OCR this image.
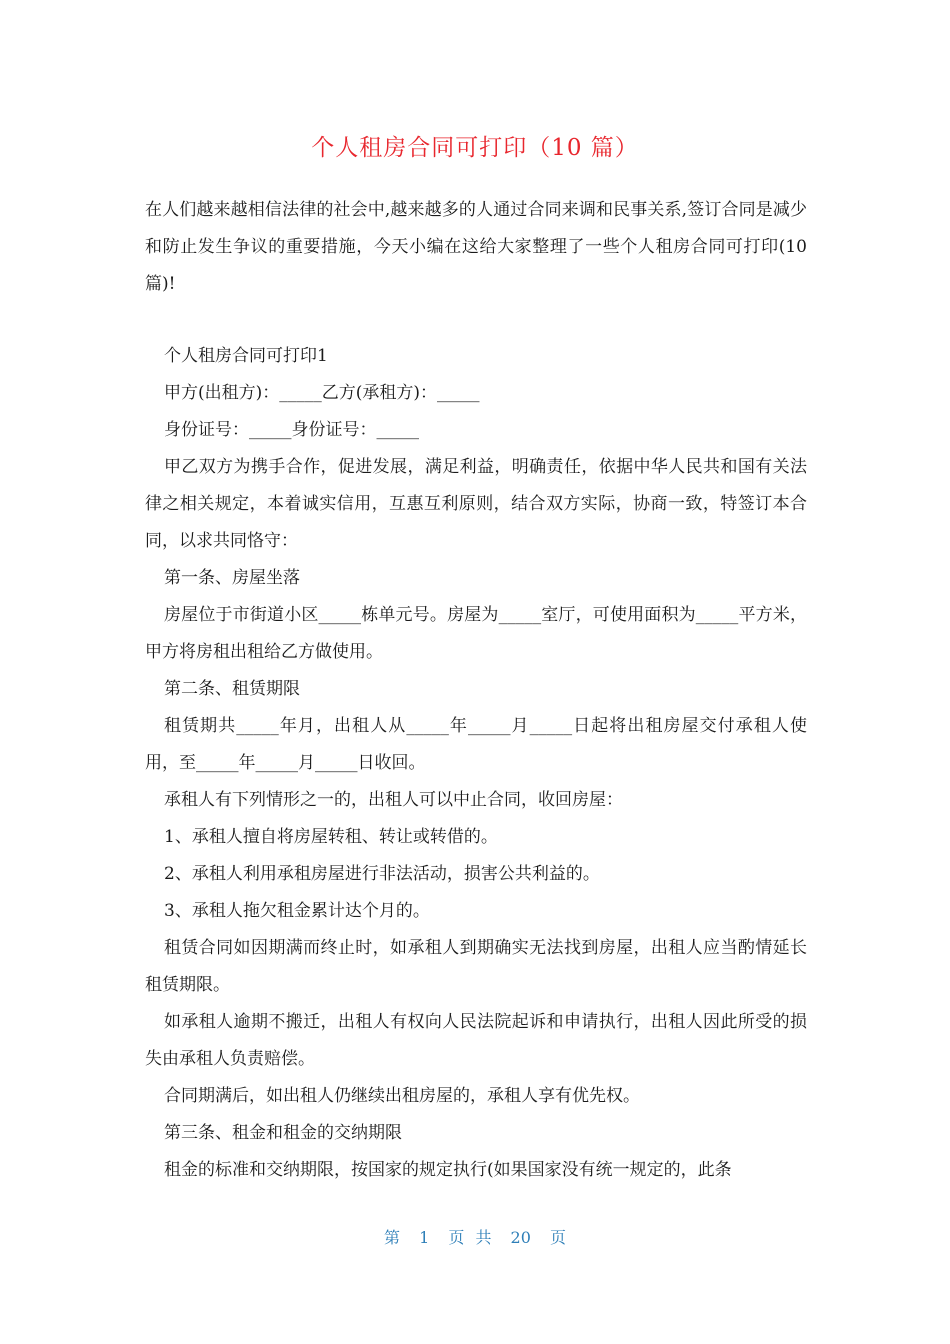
个人租房合同可打印（10 篇）

在人们越来越相信法律的社会中,越来越多的人通过合同来调和民事关系,签订合同是减少和防止发生争议的重要措施，今天小编在这给大家整理了一些个人租房合同可打印(10篇)!

个人租房合同可打印1

甲方(出租方)：_____乙方(承租方)：_____

身份证号：_____身份证号：_____

甲乙双方为携手合作，促进发展，满足利益，明确责任，依据中华人民共和国有关法律之相关规定，本着诚实信用，互惠互利原则，结合双方实际，协商一致，特签订本合同，以求共同恪守：

第一条、房屋坐落

房屋位于市街道小区_____栋单元号。房屋为_____室厅，可使用面积为_____平方米，甲方将房租出租给乙方做使用。

第二条、租赁期限

租赁期共_____年月，出租人从_____年_____月_____日起将出租房屋交付承租人使用，至_____年_____月_____日收回。

承租人有下列情形之一的，出租人可以中止合同，收回房屋：

1、承租人擅自将房屋转租、转让或转借的。

2、承租人利用承租房屋进行非法活动，损害公共利益的。

3、承租人拖欠租金累计达个月的。

租赁合同如因期满而终止时，如承租人到期确实无法找到房屋，出租人应当酌情延长租赁期限。

如承租人逾期不搬迁，出租人有权向人民法院起诉和申请执行，出租人因此所受的损失由承租人负责赔偿。

合同期满后，如出租人仍继续出租房屋的，承租人享有优先权。

第三条、租金和租金的交纳期限

租金的标准和交纳期限，按国家的规定执行(如果国家没有统一规定的，此条

第 1 页 共 20 页
